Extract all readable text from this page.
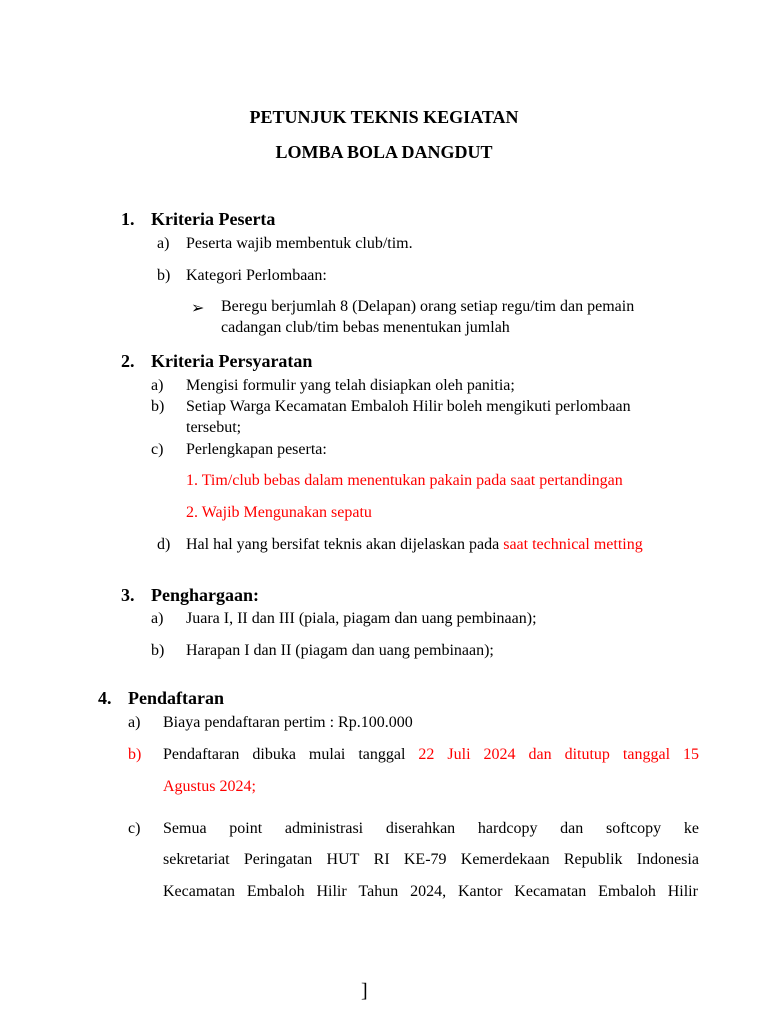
PETUNJUK TEKNIS KEGIATAN
LOMBA BOLA DANGDUT
1. Kriteria Peserta
a) Peserta wajib membentuk club/tim.
b) Kategori Perlombaan:
➢ Beregu berjumlah 8 (Delapan) orang setiap regu/tim dan pemain
cadangan club/tim bebas menentukan jumlah
2. Kriteria Persyaratan
a) Mengisi formulir yang telah disiapkan oleh panitia;
b) Setiap Warga Kecamatan Embaloh Hilir boleh mengikuti perlombaan
tersebut;
c) Perlengkapan peserta:
1. Tim/club bebas dalam menentukan pakain pada saat pertandingan
2. Wajib Mengunakan sepatu
d) Hal hal yang bersifat teknis akan dijelaskan pada saat technical metting
3. Penghargaan:
a) Juara I, II dan III (piala, piagam dan uang pembinaan);
b) Harapan I dan II (piagam dan uang pembinaan);
4. Pendaftaran
a) Biaya pendaftaran pertim : Rp.100.000
b) Pendaftaran dibuka mulai tanggal 22 Juli 2024 dan ditutup tanggal 15
Agustus 2024;
c) Semua point administrasi diserahkan hardcopy dan softcopy ke
sekretariat Peringatan HUT RI KE-79 Kemerdekaan Republik Indonesia
Kecamatan Embaloh Hilir Tahun 2024, Kantor Kecamatan Embaloh Hilir
]
